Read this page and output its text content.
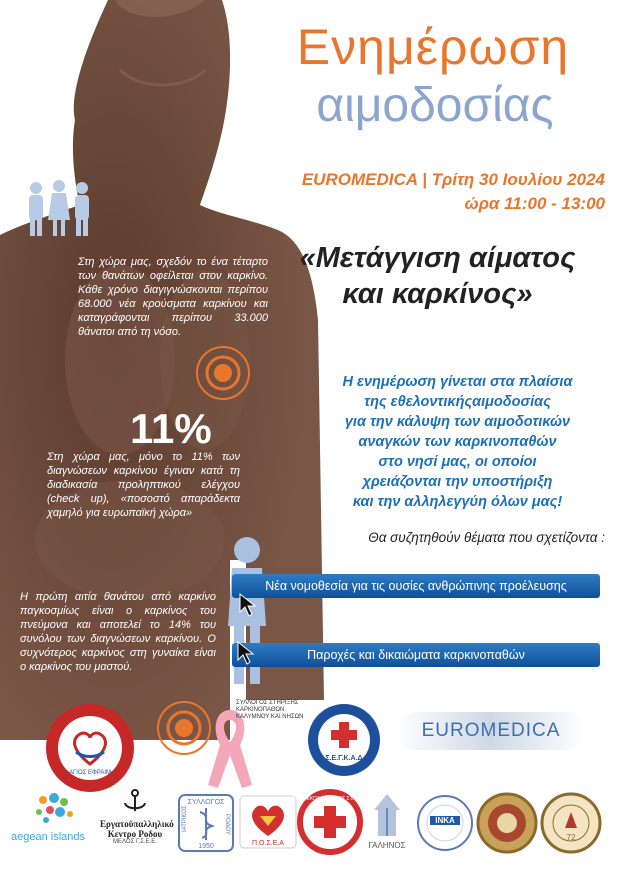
Ενημέρωση
αιμοδοσίας
EUROMEDICA | Τρίτη 30 Ιουλίου 2024
ώρα 11:00 - 13:00
«Μετάγγιση αίματος
και καρκίνος»
Η ενημέρωση γίνεται στα πλαίσια
της εθελοντικήςαιμοδοσίας
για την κάλυψη των αιμοδοτικών
αναγκών των καρκινοπαθών
στο νησί μας, οι οποίοι
χρειάζονται την υποστήριξη
και την αλληλεγγύη όλων μας!
Θα συζητηθούν θέματα που σχετίζοντα :
Νέα νομοθεσία για τις ουσίες ανθρώπινης προέλευσης
Παροχές και δικαιώματα καρκινοπαθών
Στη χώρα μας, σχεδόν το ένα τέταρτο των θανάτων οφείλεται στον καρκίνο. Κάθε χρόνο διαγιγνώσκονται περίπου 68.000 νέα κρούσματα καρκίνου και καταγράφονται περίπου 33.000 θάνατοι από τη νόσο.
11%
Στη χώρα μας, μόνο το 11% των διαγνώσεων καρκίνου έγιναν κατά τη διαδικασία προληπτικού ελέγχου (check up), «ποσοστό απαράδεκτα χαμηλό για ευρωπαϊκή χώρα»
Η πρώτη αιτία θανάτου από καρκίνο παγκοσμίως είναι ο καρκίνος του πνεύμονα και αποτελεί το 14% του συνόλου των διαγνώσεων καρκίνου. Ο συχνότερος καρκίνος στη γυναίκα είναι ο καρκίνος του μαστού.
«ΑΓΙΟΣ ΕΦΡΑΙΜ»
ΣΥΛΛΟΓΟΣ ΣΤΗΡΙΞΗΣ ΚΑΡΚΙΝΟΠΑΘΩΝ ΚΑΛΥΜΝΟΥ ΚΑΙ ΝΗΣΩΝ
Σ.Ε.Γ.Κ.Α.Δ
EUROMEDICA
aegean islands
Εργατοϋπαλληλικό
Κεντρο Ροδου
ΜΕΛΟΣ Γ.Σ.Ε.Ε.
ΣΥΛΛΟΓΟΣ
ΙΑΤΡΙΚΟΣ	ΡΟΔΟΥ
1950	Π.Ο.Σ.Ε.Α
ΕΛΛΗΝΙΚΟΣ ΕΡΥΘΡΟΣ ΣΤΑΥΡΟΣ
ΓΑΛΗΝΟΣ
INKA
72
